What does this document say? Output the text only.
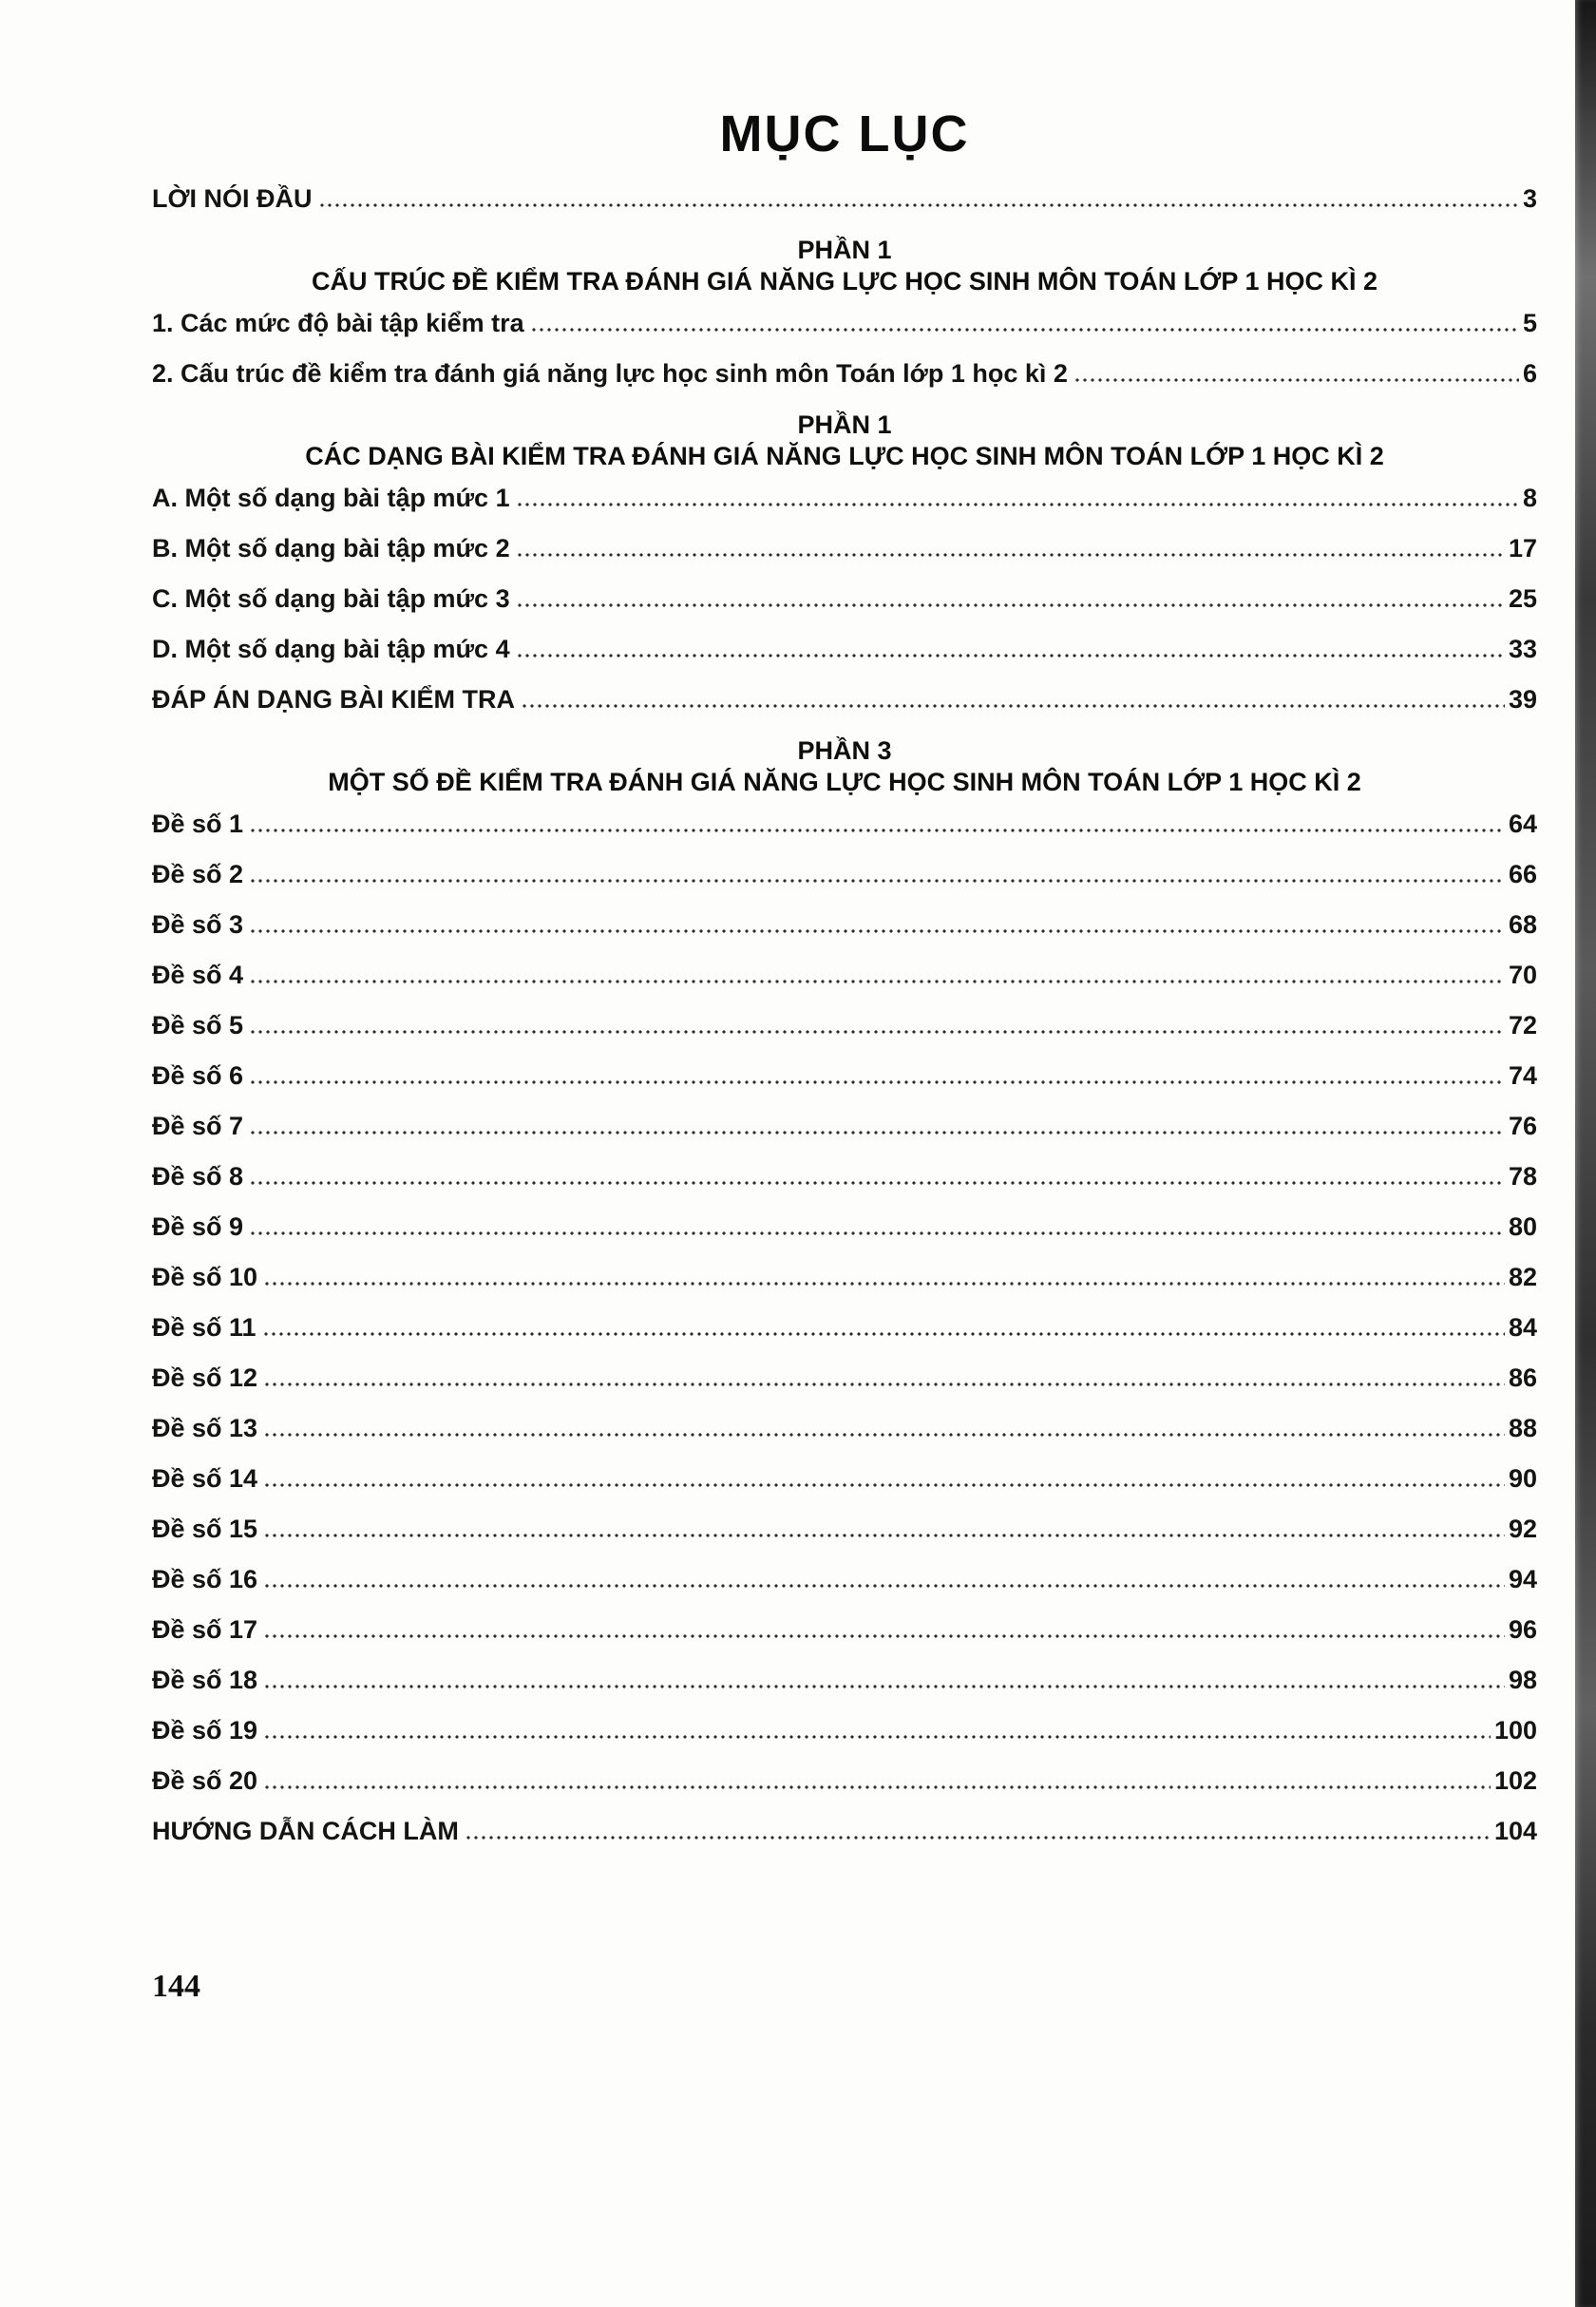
MỤC LỤC
LỜI NÓI ĐẦU	3
PHẦN 1
CẤU TRÚC ĐỀ KIỂM TRA ĐÁNH GIÁ NĂNG LỰC HỌC SINH MÔN TOÁN LỚP 1 HỌC KÌ 2
1. Các mức độ bài tập kiểm tra	5
2. Cấu trúc đề kiểm tra đánh giá năng lực học sinh môn Toán lớp 1 học kì 2	6
PHẦN 1
CÁC DẠNG BÀI KIỂM TRA ĐÁNH GIÁ NĂNG LỰC HỌC SINH MÔN TOÁN LỚP 1 HỌC KÌ 2
A. Một số dạng bài tập mức 1	8
B. Một số dạng bài tập mức 2	17
C. Một số dạng bài tập mức 3	25
D. Một số dạng bài tập mức 4	33
ĐÁP ÁN DẠNG BÀI KIỂM TRA	39
PHẦN 3
MỘT SỐ ĐỀ KIỂM TRA ĐÁNH GIÁ NĂNG LỰC HỌC SINH MÔN TOÁN LỚP 1 HỌC KÌ 2
Đề số 1	64
Đề số 2	66
Đề số 3	68
Đề số 4	70
Đề số 5	72
Đề số 6	74
Đề số 7	76
Đề số 8	78
Đề số 9	80
Đề số 10	82
Đề số 11	84
Đề số 12	86
Đề số 13	88
Đề số 14	90
Đề số 15	92
Đề số 16	94
Đề số 17	96
Đề số 18	98
Đề số 19	100
Đề số 20	102
HƯỚNG DẪN CÁCH LÀM	104
144
